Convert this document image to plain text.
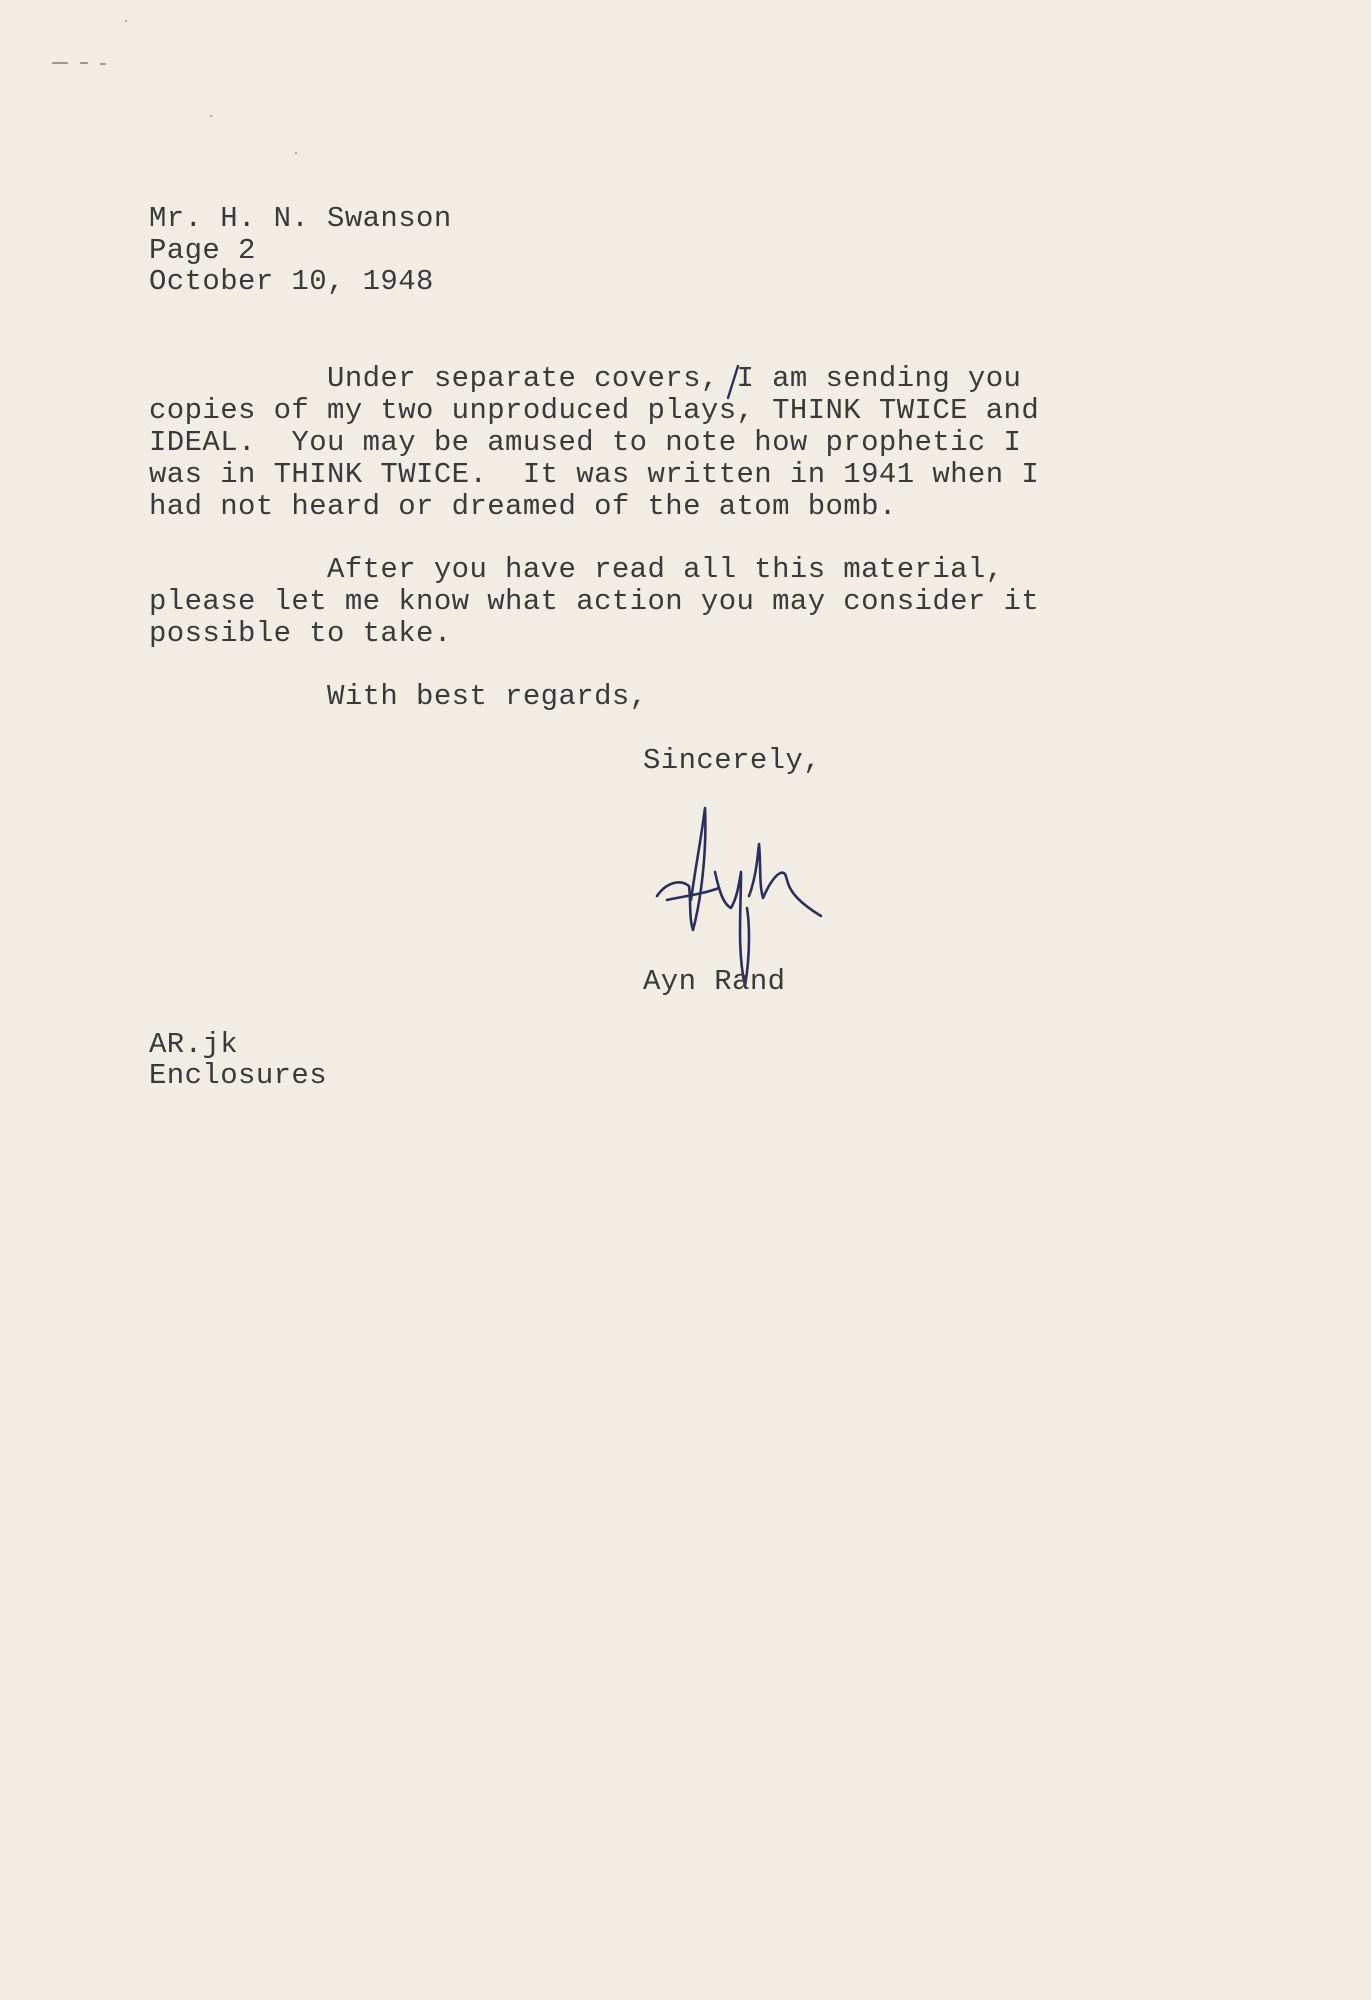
Mr. H. N. Swanson
Page 2
October 10, 1948
Under separate covers, I am sending you
copies of my two unproduced plays, THINK TWICE and
IDEAL.  You may be amused to note how prophetic I
was in THINK TWICE.  It was written in 1941 when I
had not heard or dreamed of the atom bomb.
After you have read all this material,
please let me know what action you may consider it
possible to take.
With best regards,
Sincerely,
Ayn Rand
AR.jk
Enclosures
